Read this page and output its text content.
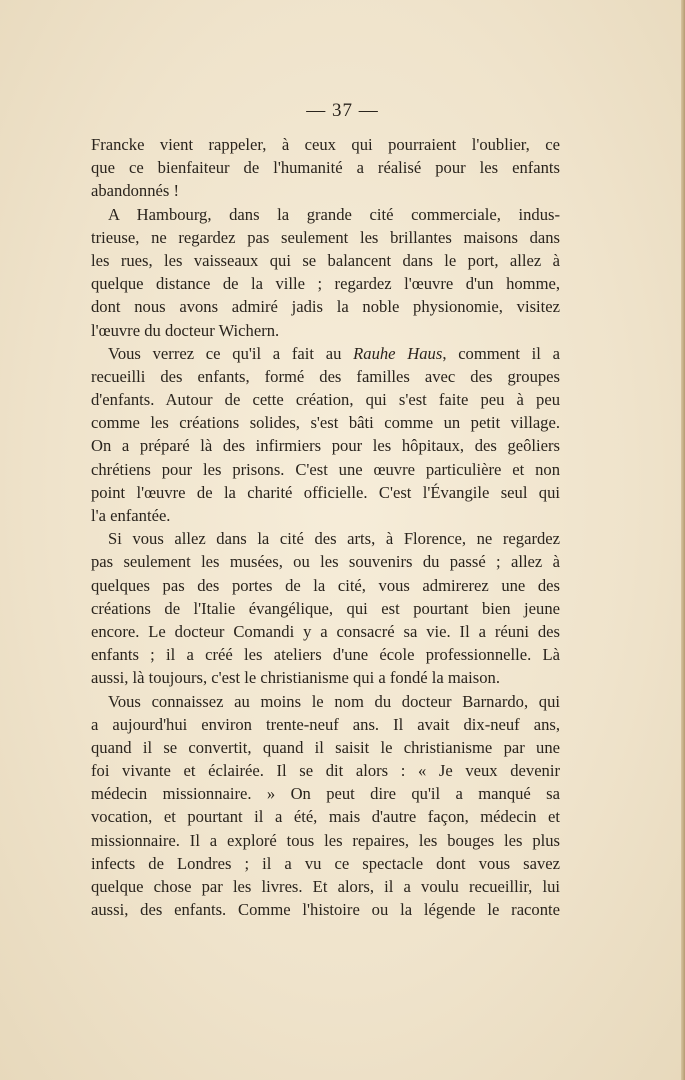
— 37 —
Francke vient rappeler, à ceux qui pourraient l'oublier, ce
que ce bienfaiteur de l'humanité a réalisé pour les enfants
abandonnés !
A Hambourg, dans la grande cité commerciale, indus-
trieuse, ne regardez pas seulement les brillantes maisons dans
les rues, les vaisseaux qui se balancent dans le port, allez à
quelque distance de la ville ; regardez l'œuvre d'un homme,
dont nous avons admiré jadis la noble physionomie, visitez
l'œuvre du docteur Wichern.
Vous verrez ce qu'il a fait au Rauhe Haus, comment il a
recueilli des enfants, formé des familles avec des groupes
d'enfants. Autour de cette création, qui s'est faite peu à peu
comme les créations solides, s'est bâti comme un petit village.
On a préparé là des infirmiers pour les hôpitaux, des geôliers
chrétiens pour les prisons. C'est une œuvre particulière et non
point l'œuvre de la charité officielle. C'est l'Évangile seul qui
l'a enfantée.
Si vous allez dans la cité des arts, à Florence, ne regardez
pas seulement les musées, ou les souvenirs du passé ; allez à
quelques pas des portes de la cité, vous admirerez une des
créations de l'Italie évangélique, qui est pourtant bien jeune
encore. Le docteur Comandi y a consacré sa vie. Il a réuni des
enfants ; il a créé les ateliers d'une école professionnelle. Là
aussi, là toujours, c'est le christianisme qui a fondé la maison.
Vous connaissez au moins le nom du docteur Barnardo, qui
a aujourd'hui environ trente-neuf ans. Il avait dix-neuf ans,
quand il se convertit, quand il saisit le christianisme par une
foi vivante et éclairée. Il se dit alors : « Je veux devenir
médecin missionnaire. » On peut dire qu'il a manqué sa
vocation, et pourtant il a été, mais d'autre façon, médecin et
missionnaire. Il a exploré tous les repaires, les bouges les plus
infects de Londres ; il a vu ce spectacle dont vous savez
quelque chose par les livres. Et alors, il a voulu recueillir, lui
aussi, des enfants. Comme l'histoire ou la légende le raconte
